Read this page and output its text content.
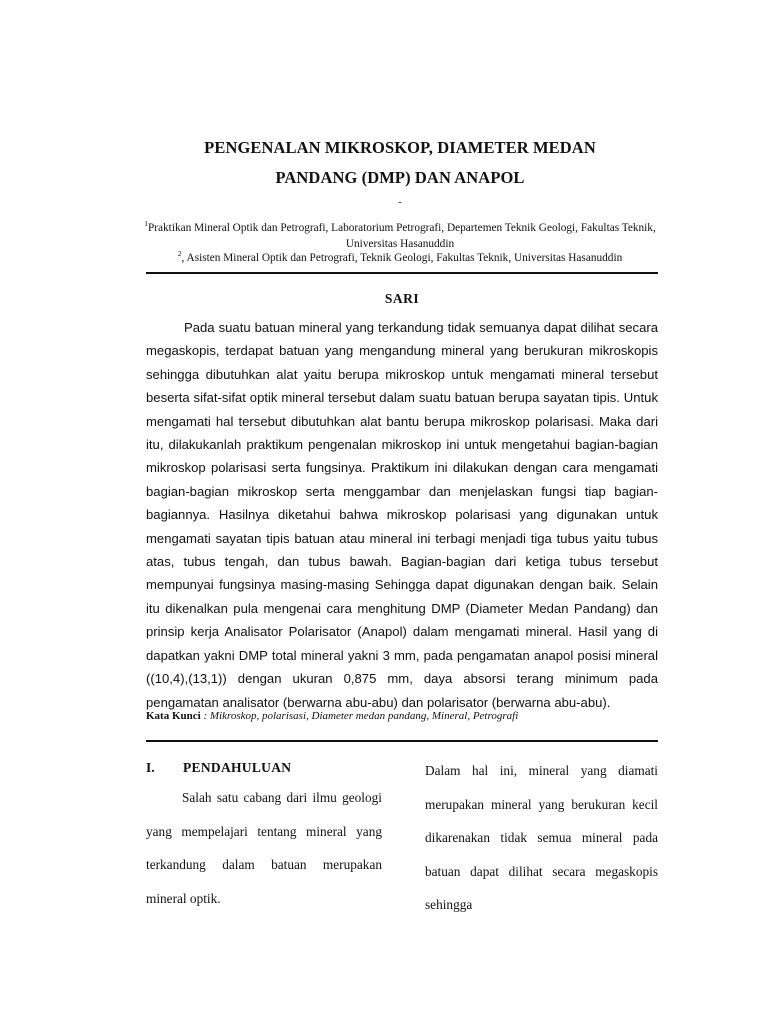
PENGENALAN MIKROSKOP, DIAMETER MEDAN
PANDANG (DMP) DAN ANAPOL
-
$^1$Praktikan Mineral Optik dan Petrografi, Laboratorium Petrografi, Departemen Teknik Geologi, Fakultas Teknik, Universitas Hasanuddin
$^2$, Asisten Mineral Optik dan Petrografi, Teknik Geologi, Fakultas Teknik, Universitas Hasanuddin
SARI

Pada suatu batuan mineral yang terkandung tidak semuanya dapat dilihat secara megaskopis, terdapat batuan yang mengandung mineral yang berukuran mikroskopis sehingga dibutuhkan alat yaitu berupa mikroskop untuk mengamati mineral tersebut beserta sifat-sifat optik mineral tersebut dalam suatu batuan berupa sayatan tipis. Untuk mengamati hal tersebut dibutuhkan alat bantu berupa mikroskop polarisasi. Maka dari itu, dilakukanlah praktikum pengenalan mikroskop ini untuk mengetahui bagian-bagian mikroskop polarisasi serta fungsinya. Praktikum ini dilakukan dengan cara mengamati bagian-bagian mikroskop serta menggambar dan menjelaskan fungsi tiap bagian-bagiannya. Hasilnya diketahui bahwa mikroskop polarisasi yang digunakan untuk mengamati sayatan tipis batuan atau mineral ini terbagi menjadi tiga tubus yaitu tubus atas, tubus tengah, dan tubus bawah. Bagian-bagian dari ketiga tubus tersebut mempunyai fungsinya masing-masing Sehingga dapat digunakan dengan baik. Selain itu dikenalkan pula mengenai cara menghitung DMP (Diameter Medan Pandang) dan prinsip kerja Analisator Polarisator (Anapol) dalam mengamati mineral. Hasil yang di dapatkan yakni DMP total mineral yakni 3 mm, pada pengamatan anapol posisi mineral ((10,4),(13,1)) dengan ukuran 0,875 mm, daya absorsi terang minimum pada pengamatan analisator (berwarna abu-abu) dan polarisator (berwarna abu-abu).

Kata Kunci : Mikroskop, polarisasi, Diameter medan pandang, Mineral, Petrografi
I. PENDAHULUAN

Salah satu cabang dari ilmu geologi yang mempelajari tentang mineral yang terkandung dalam batuan merupakan mineral optik.

Dalam hal ini, mineral yang diamati merupakan mineral yang berukuran kecil dikarenakan tidak semua mineral pada batuan dapat dilihat secara megaskopis sehingga
